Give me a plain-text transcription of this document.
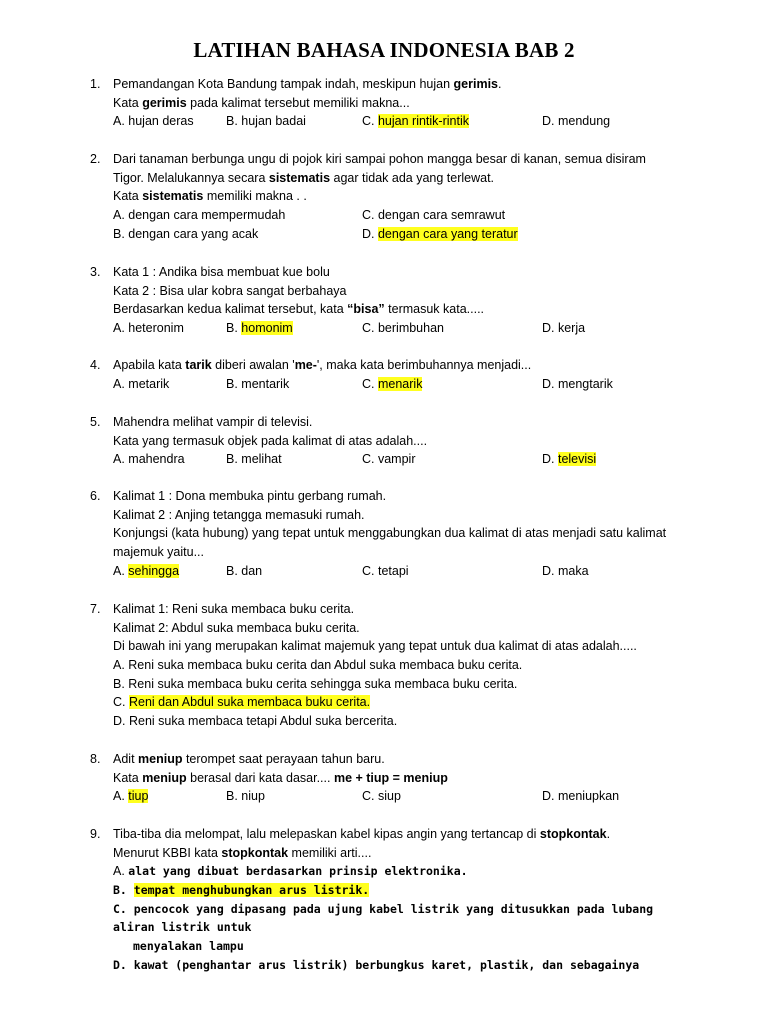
LATIHAN BAHASA INDONESIA BAB 2
1. Pemandangan Kota Bandung tampak indah, meskipun hujan gerimis.
Kata gerimis pada kalimat tersebut memiliki makna...
A. hujan deras	B. hujan badai	C. hujan rintik-rintik	D. mendung
2. Dari tanaman berbunga ungu di pojok kiri sampai pohon mangga besar di kanan, semua disiram
Tigor. Melalukannya secara sistematis agar tidak ada yang terlewat.
Kata sistematis memiliki makna . .
A. dengan cara mempermudah	C. dengan cara semrawut
B. dengan cara yang acak	D. dengan cara yang teratur
3. Kata 1 : Andika bisa membuat kue bolu
Kata 2 : Bisa ular kobra sangat berbahaya
Berdasarkan kedua kalimat tersebut, kata “bisa” termasuk kata.....
A. heteronim	B. homonim	C. berimbuhan	D. kerja
4. Apabila kata tarik diberi awalan 'me-', maka kata berimbuhannya menjadi...
A. metarik	B. mentarik	C. menarik	D. mengtarik
5. Mahendra melihat vampir di televisi.
Kata yang termasuk objek pada kalimat di atas adalah....
A. mahendra	B. melihat	C. vampir	D. televisi
6. Kalimat 1 : Dona membuka pintu gerbang rumah.
Kalimat 2 : Anjing tetangga memasuki rumah.
Konjungsi (kata hubung) yang tepat untuk menggabungkan dua kalimat di atas menjadi satu kalimat
majemuk yaitu...
A. sehingga	B. dan	C. tetapi	D. maka
7. Kalimat 1: Reni suka membaca buku cerita.
Kalimat 2: Abdul suka membaca buku cerita.
Di bawah ini yang merupakan kalimat majemuk yang tepat untuk dua kalimat di atas adalah.....
A. Reni suka membaca buku cerita dan Abdul suka membaca buku cerita.
B. Reni suka membaca buku cerita sehingga suka membaca buku cerita.
C. Reni dan Abdul suka membaca buku cerita.
D. Reni suka membaca tetapi Abdul suka bercerita.
8. Adit meniup terompet saat perayaan tahun baru.
Kata meniup berasal dari kata dasar.... me + tiup = meniup
A. tiup	B. niup	C. siup	D. meniupkan
9. Tiba-tiba dia melompat, lalu melepaskan kabel kipas angin yang tertancap di stopkontak.
Menurut KBBI kata stopkontak memiliki arti....
A. alat yang dibuat berdasarkan prinsip elektronika.
B. tempat menghubungkan arus listrik.
C. pencocok yang dipasang pada ujung kabel listrik yang ditusukkan pada lubang
aliran listrik untuk
menyalakan lampu
D. kawat (penghantar arus listrik) berbungkus karet, plastik, dan sebagainya
